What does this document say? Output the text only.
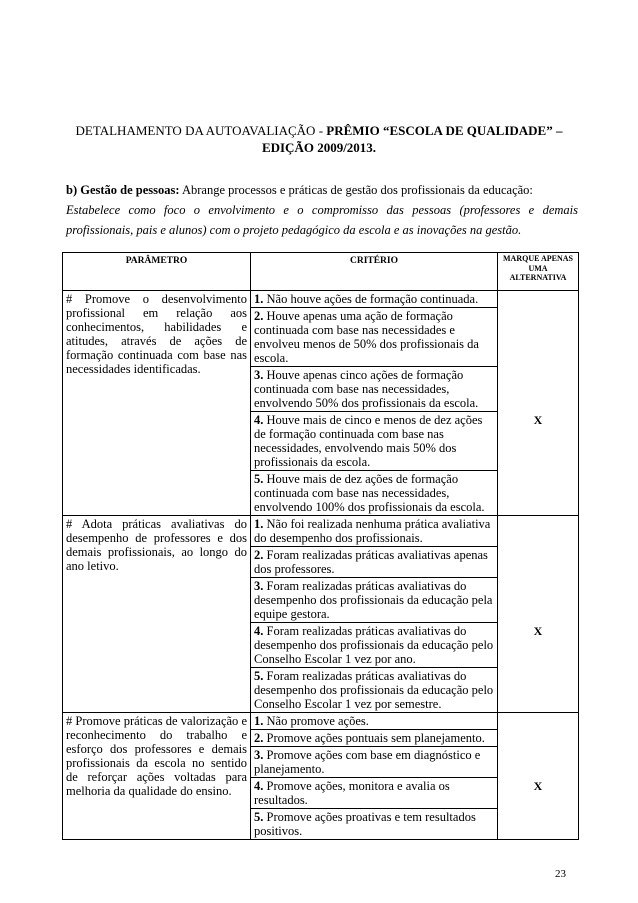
DETALHAMENTO DA AUTOAVALIAÇÃO - PRÊMIO “ESCOLA DE QUALIDADE” – EDIÇÃO 2009/2013.

b) Gestão de pessoas: Abrange processos e práticas de gestão dos profissionais da educação:

Estabelece como foco o envolvimento e o compromisso das pessoas (professores e demais profissionais, pais e alunos) com o projeto pedagógico da escola e as inovações na gestão.

PARÂMETRO	CRITÉRIO	MARQUE APENAS UMA ALTERNATIVA
# Promove o desenvolvimento profissional em relação aos conhecimentos, habilidades e atitudes, através de ações de formação continuada com base nas necessidades identificadas.	1. Não houve ações de formação continuada.	
	2. Houve apenas uma ação de formação continuada com base nas necessidades e envolveu menos de 50% dos profissionais da escola.	
	3. Houve apenas cinco ações de formação continuada com base nas necessidades, envolvendo 50% dos profissionais da escola.	
	4. Houve mais de cinco e menos de dez ações de formação continuada com base nas necessidades, envolvendo mais 50% dos profissionais da escola.	X
	5. Houve mais de dez ações de formação continuada com base nas necessidades, envolvendo 100% dos profissionais da escola.	
# Adota práticas avaliativas do desempenho de professores e dos demais profissionais, ao longo do ano letivo.	1. Não foi realizada nenhuma prática avaliativa do desempenho dos profissionais.	
	2. Foram realizadas práticas avaliativas apenas dos professores.	
	3. Foram realizadas práticas avaliativas do desempenho dos profissionais da educação pela equipe gestora.	
	4. Foram realizadas práticas avaliativas do desempenho dos profissionais da educação pelo Conselho Escolar 1 vez por ano.	X
	5. Foram realizadas práticas avaliativas do desempenho dos profissionais da educação pelo Conselho Escolar 1 vez por semestre.	
# Promove práticas de valorização e reconhecimento do trabalho e esforço dos professores e demais profissionais da escola no sentido de reforçar ações voltadas para melhoria da qualidade do ensino.	1. Não promove ações.	
	2. Promove ações pontuais sem planejamento.	
	3. Promove ações com base em diagnóstico e planejamento.	
	4. Promove ações, monitora e avalia os resultados.	X
	5. Promove ações proativas e tem resultados positivos.	
23
